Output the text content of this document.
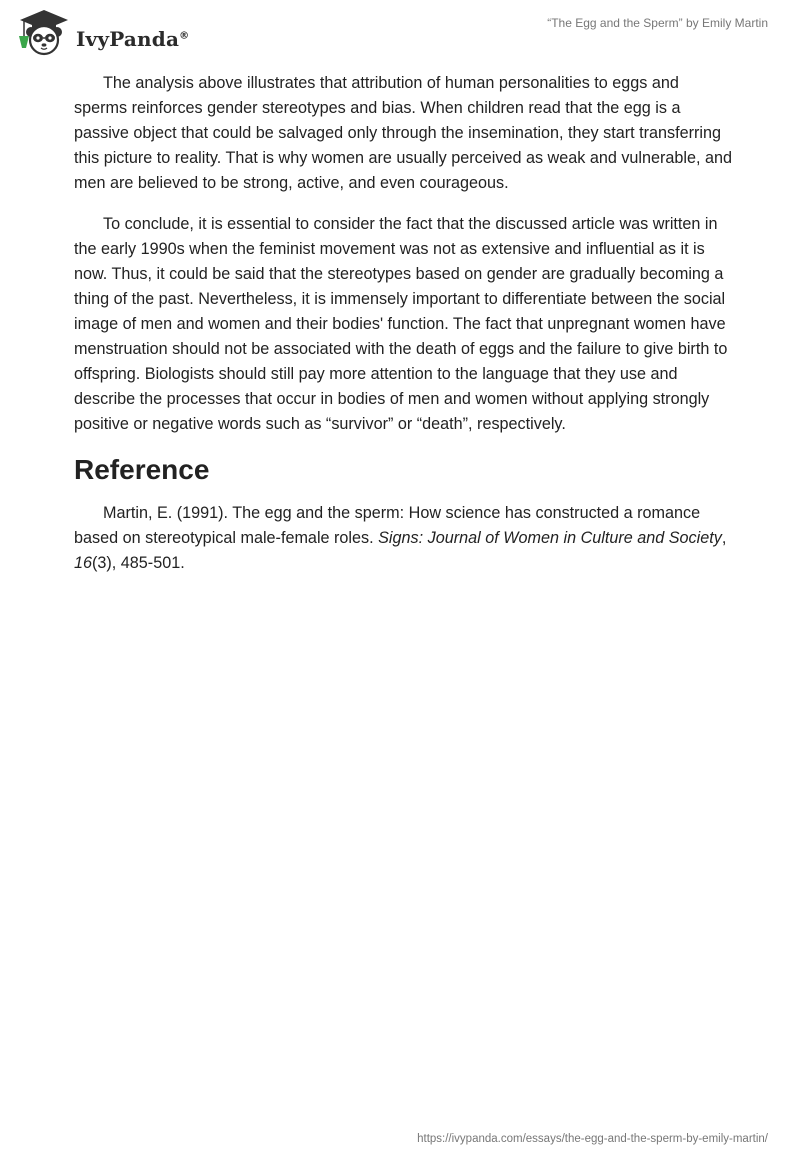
IvyPanda®
“The Egg and the Sperm” by Emily Martin

The analysis above illustrates that attribution of human personalities to eggs and sperms reinforces gender stereotypes and bias. When children read that the egg is a passive object that could be salvaged only through the insemination, they start transferring this picture to reality. That is why women are usually perceived as weak and vulnerable, and men are believed to be strong, active, and even courageous.

To conclude, it is essential to consider the fact that the discussed article was written in the early 1990s when the feminist movement was not as extensive and influential as it is now. Thus, it could be said that the stereotypes based on gender are gradually becoming a thing of the past. Nevertheless, it is immensely important to differentiate between the social image of men and women and their bodies' function. The fact that unpregnant women have menstruation should not be associated with the death of eggs and the failure to give birth to offspring. Biologists should still pay more attention to the language that they use and describe the processes that occur in bodies of men and women without applying strongly positive or negative words such as “survivor” or “death”, respectively.

Reference

Martin, E. (1991). The egg and the sperm: How science has constructed a romance based on stereotypical male-female roles. Signs: Journal of Women in Culture and Society, 16(3), 485-501.

https://ivypanda.com/essays/the-egg-and-the-sperm-by-emily-martin/
